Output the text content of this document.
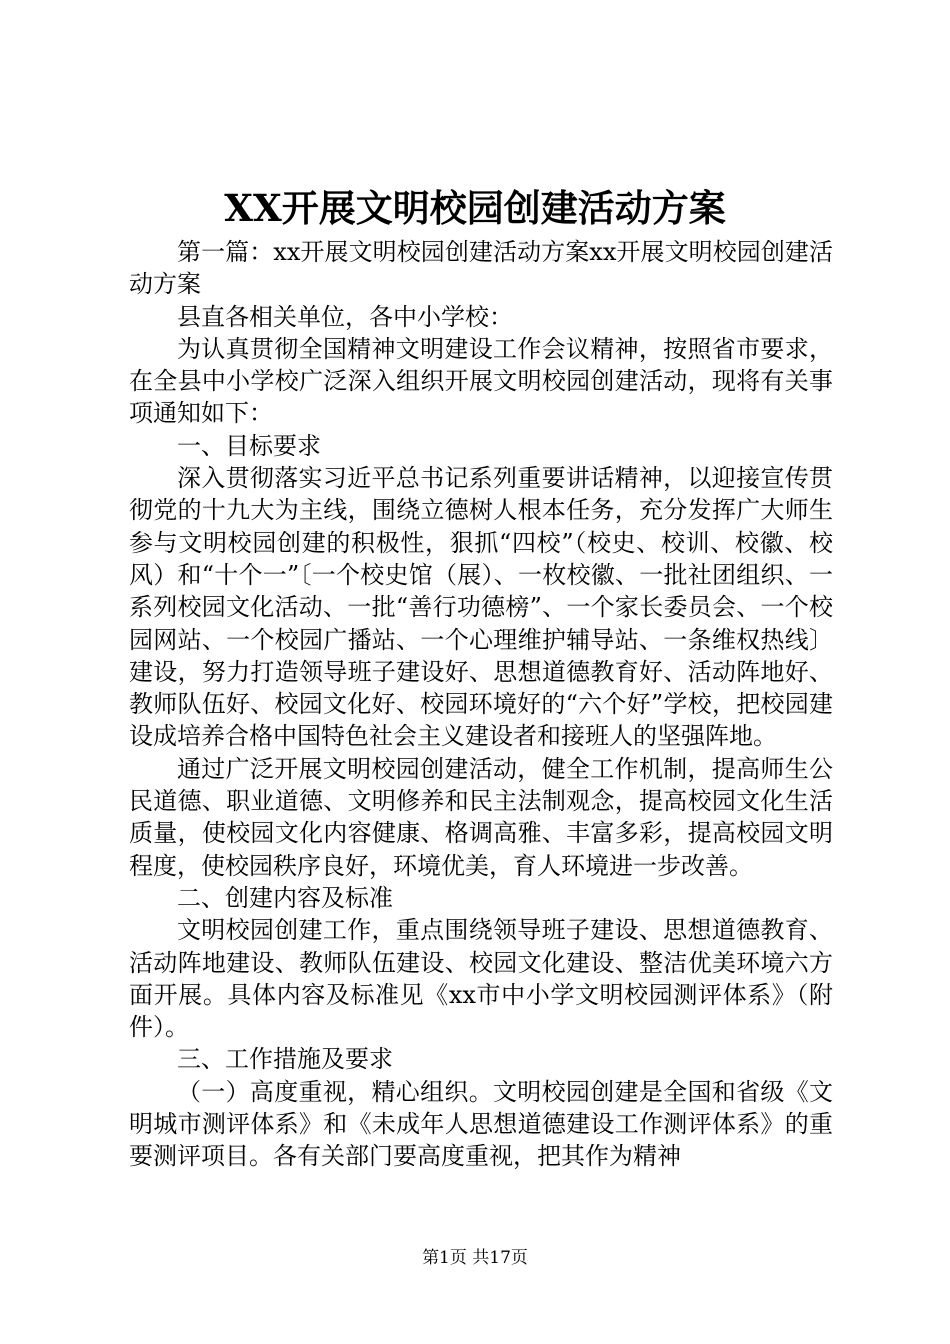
XX开展文明校园创建活动方案

第一篇：xx开展文明校园创建活动方案xx开展文明校园创建活动方案

县直各相关单位，各中小学校：

为认真贯彻全国精神文明建设工作会议精神，按照省市要求，在全县中小学校广泛深入组织开展文明校园创建活动，现将有关事项通知如下：

一、目标要求

深入贯彻落实习近平总书记系列重要讲话精神，以迎接宣传贯彻党的十九大为主线，围绕立德树人根本任务，充分发挥广大师生参与文明校园创建的积极性，狠抓“四校”（校史、校训、校徽、校风）和“十个一”〔一个校史馆（展）、一枚校徽、一批社团组织、一系列校园文化活动、一批“善行功德榜”、一个家长委员会、一个校园网站、一个校园广播站、一个心理维护辅导站、一条维权热线〕建设，努力打造领导班子建设好、思想道德教育好、活动阵地好、教师队伍好、校园文化好、校园环境好的“六个好”学校，把校园建设成培养合格中国特色社会主义建设者和接班人的坚强阵地。

通过广泛开展文明校园创建活动，健全工作机制，提高师生公民道德、职业道德、文明修养和民主法制观念，提高校园文化生活质量，使校园文化内容健康、格调高雅、丰富多彩，提高校园文明程度，使校园秩序良好，环境优美，育人环境进一步改善。

二、创建内容及标准

文明校园创建工作，重点围绕领导班子建设、思想道德教育、活动阵地建设、教师队伍建设、校园文化建设、整洁优美环境六方面开展。具体内容及标准见《xx市中小学文明校园测评体系》（附件）。

三、工作措施及要求

（一）高度重视，精心组织。文明校园创建是全国和省级《文明城市测评体系》和《未成年人思想道德建设工作测评体系》的重要测评项目。各有关部门要高度重视，把其作为精神

第1页 共17页
